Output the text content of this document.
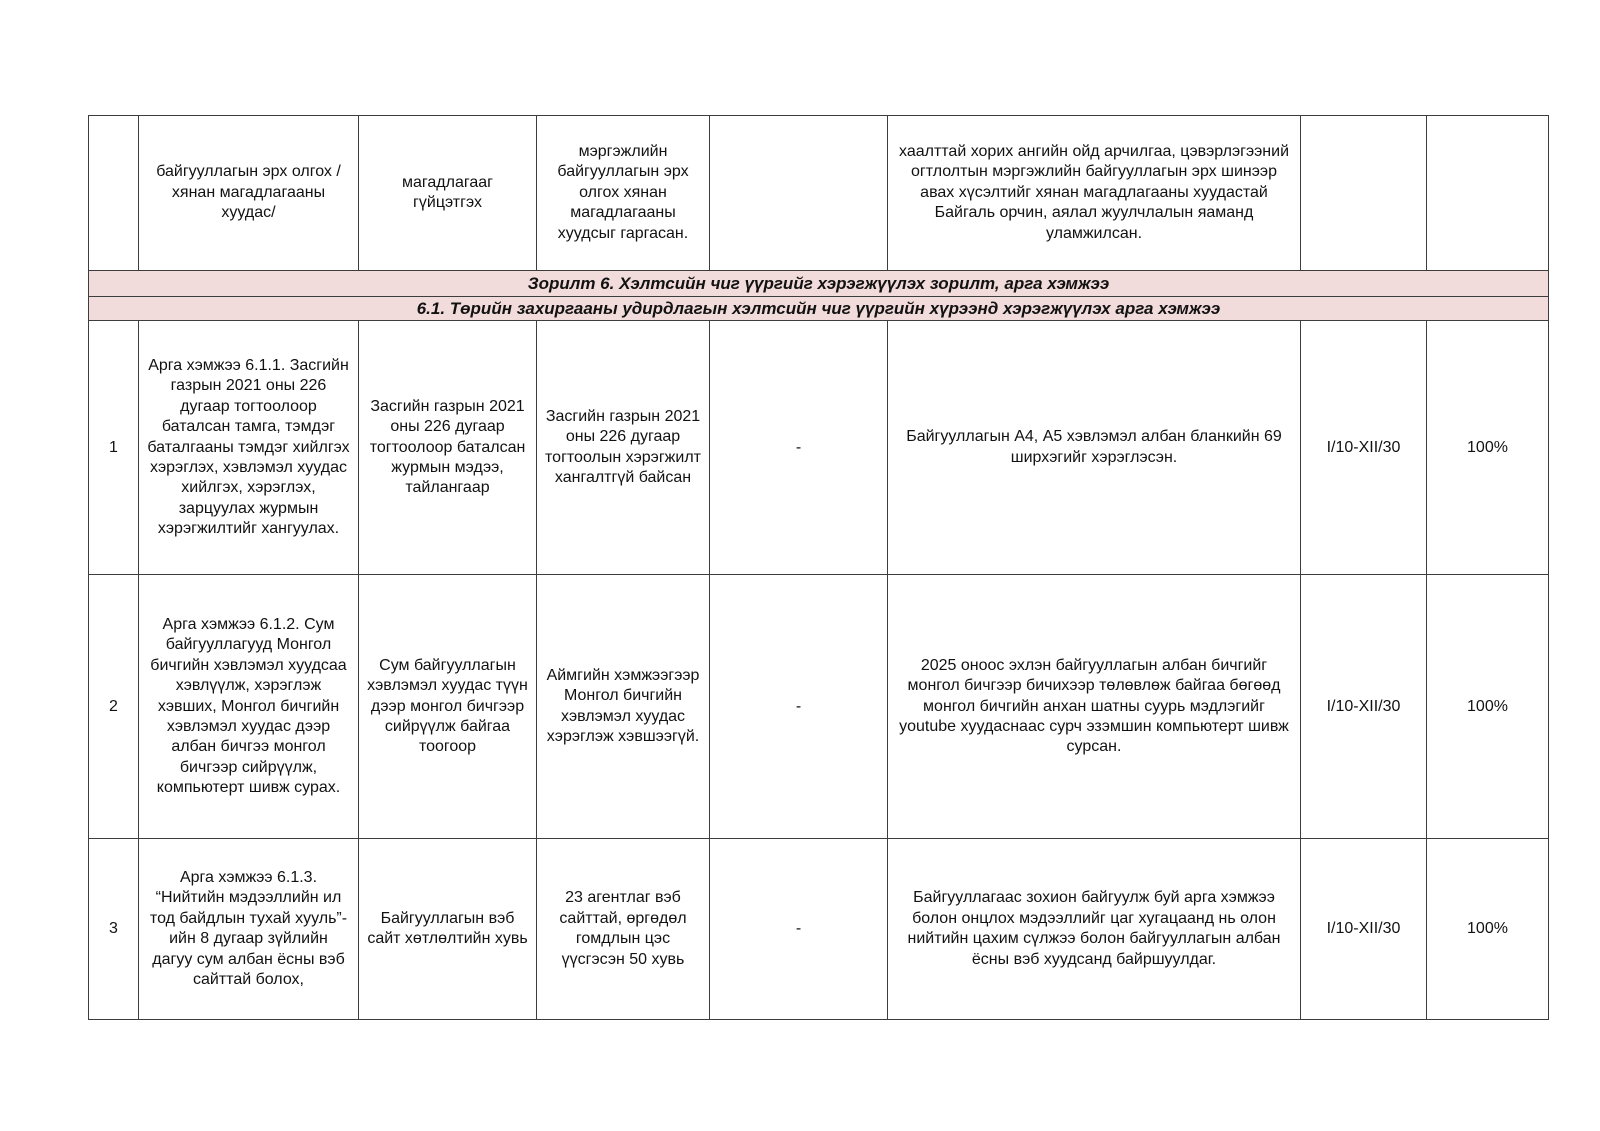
	байгууллагын эрх олгох /хянан магадлагааны хуудас/	магадлагааг гүйцэтгэх	мэргэжлийн байгууллагын эрх олгох хянан магадлагааны хуудсыг гаргасан.		хаалттай хорих ангийн ойд арчилгаа, цэвэрлэгээний огтлолтын мэргэжлийн байгууллагын эрх шинээр авах хүсэлтийг хянан магадлагааны хуудастай Байгаль орчин, аялал жуулчлалын яаманд уламжилсан.		
Зорилт 6. Хэлтсийн чиг үүргийг хэрэгжүүлэх зорилт, арга хэмжээ							
6.1. Төрийн захиргааны удирдлагын хэлтсийн чиг үүргийн хүрээнд хэрэгжүүлэх арга хэмжээ							
1	Арга хэмжээ 6.1.1. Засгийн газрын 2021 оны 226 дугаар тогтоолоор баталсан тамга, тэмдэг баталгааны тэмдэг хийлгэх хэрэглэх, хэвлэмэл хуудас хийлгэх, хэрэглэх, зарцуулах журмын хэрэгжилтийг хангуулах.	Засгийн газрын 2021 оны 226 дугаар тогтоолоор баталсан журмын мэдээ, тайлангаар	Засгийн газрын 2021 оны 226 дугаар тогтоолын хэрэгжилт хангалтгүй байсан	-	Байгууллагын А4, А5 хэвлэмэл албан бланкийн 69 ширхэгийг хэрэглэсэн.	I/10-XII/30	100%
2	Арга хэмжээ 6.1.2. Сум байгууллагууд Монгол бичгийн хэвлэмэл хуудсаа хэвлүүлж, хэрэглэж хэвших, Монгол бичгийн хэвлэмэл хуудас дээр албан бичгээ монгол бичгээр сийрүүлж, компьютерт шивж сурах.	Сум байгууллагын хэвлэмэл хуудас түүн дээр монгол бичгээр сийрүүлж байгаа тоогоор	Аймгийн хэмжээгээр Монгол бичгийн хэвлэмэл хуудас хэрэглэж хэвшээгүй.	-	2025 оноос эхлэн байгууллагын албан бичгийг монгол бичгээр бичихээр төлөвлөж байгаа бөгөөд монгол бичгийн анхан шатны суурь мэдлэгийг youtube хуудаснаас сурч эзэмшин компьютерт шивж сурсан.	I/10-XII/30	100%
3	Арга хэмжээ 6.1.3. “Нийтийн мэдээллийн ил тод байдлын тухай хууль”-ийн 8 дугаар зүйлийн дагуу сум албан ёсны вэб сайттай болох,	Байгууллагын вэб сайт хөтлөлтийн хувь	23 агентлаг вэб сайттай, өргөдөл гомдлын цэс үүсгэсэн 50 хувь	-	Байгууллагаас зохион байгуулж буй арга хэмжээ болон онцлох мэдээллийг цаг хугацаанд нь олон нийтийн цахим сүлжээ болон байгууллагын албан ёсны вэб хуудсанд байршуулдаг.	I/10-XII/30	100%
